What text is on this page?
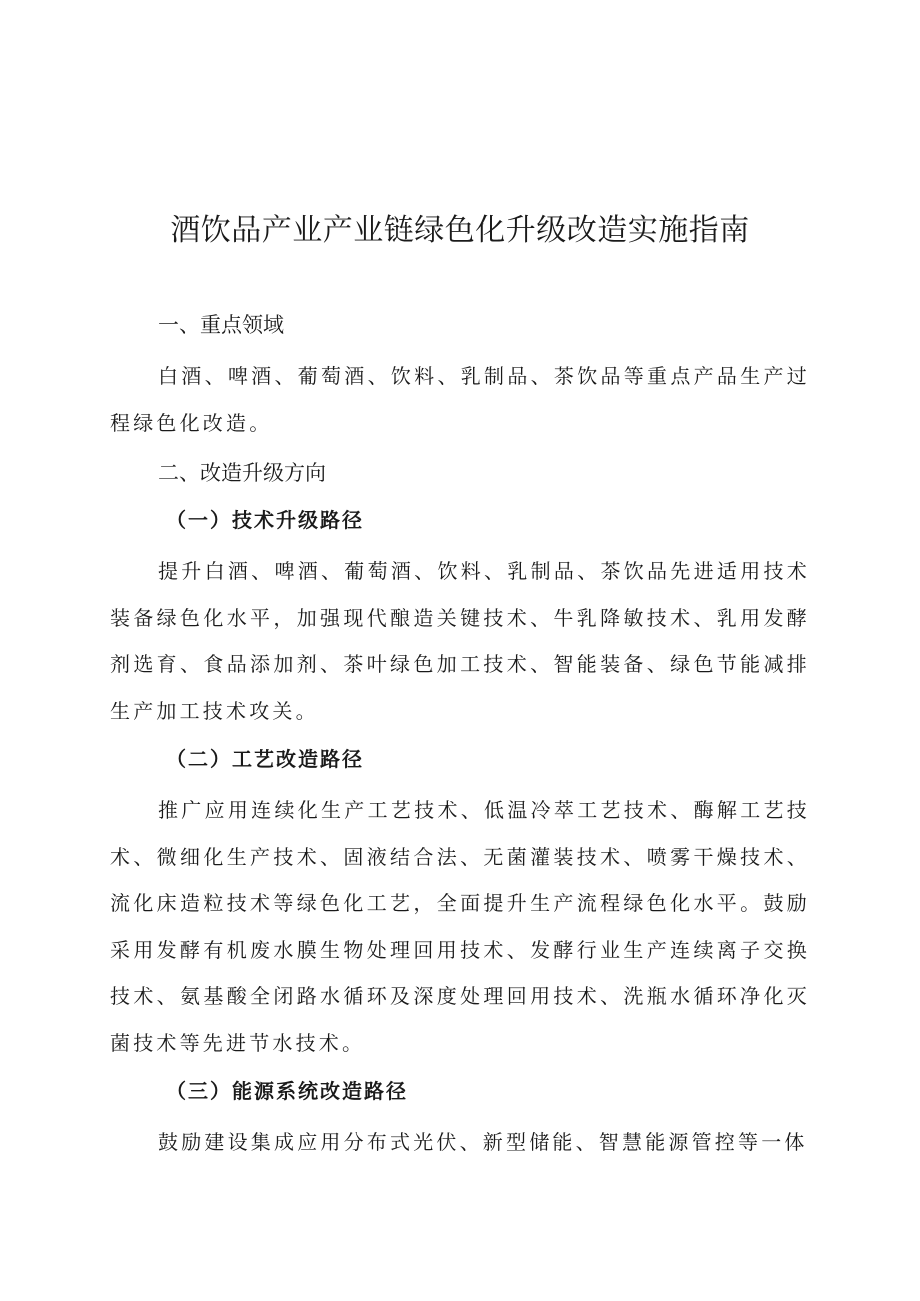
酒饮品产业产业链绿色化升级改造实施指南
一、重点领域

白酒、啤酒、葡萄酒、饮料、乳制品、茶饮品等重点产品生产过程绿色化改造。

二、改造升级方向
（一）技术升级路径

提升白酒、啤酒、葡萄酒、饮料、乳制品、茶饮品先进适用技术装备绿色化水平，加强现代酿造关键技术、牛乳降敏技术、乳用发酵剂选育、食品添加剂、茶叶绿色加工技术、智能装备、绿色节能减排生产加工技术攻关。

（二）工艺改造路径

推广应用连续化生产工艺技术、低温冷萃工艺技术、酶解工艺技术、微细化生产技术、固液结合法、无菌灌装技术、喷雾干燥技术、流化床造粒技术等绿色化工艺，全面提升生产流程绿色化水平。鼓励采用发酵有机废水膜生物处理回用技术、发酵行业生产连续离子交换技术、氨基酸全闭路水循环及深度处理回用技术、洗瓶水循环净化灭菌技术等先进节水技术。

（三）能源系统改造路径

鼓励建设集成应用分布式光伏、新型储能、智慧能源管控等一体
